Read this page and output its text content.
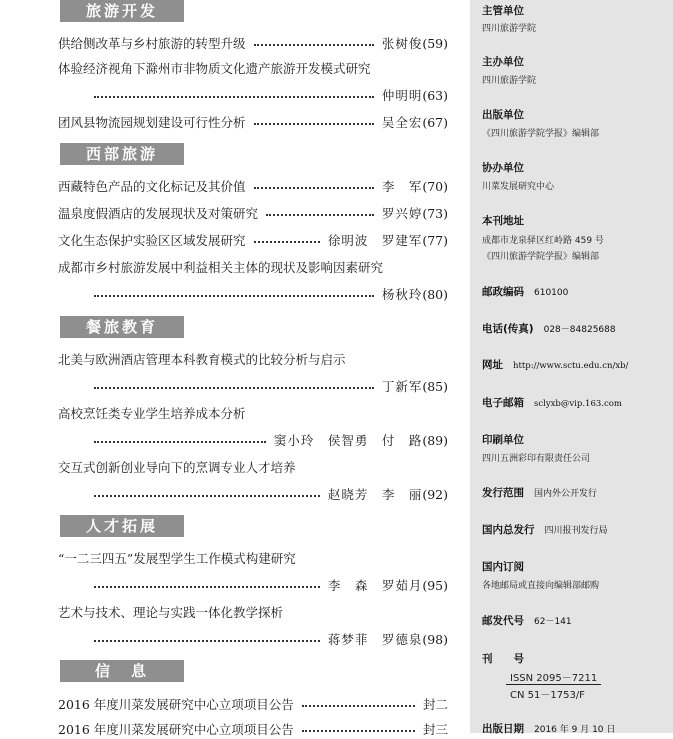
旅游开发
供给侧改革与乡村旅游的转型升级	张树俊 (59)
体验经济视角下滁州市非物质文化遗产旅游开发模式研究
仲明明 (63)
团风县物流园规划建设可行性分析	吴全宏 (67)
西部旅游
西藏特色产品的文化标记及其价值	李　军 (70)
温泉度假酒店的发展现状及对策研究	罗兴婷 (73)
文化生态保护实验区区域发展研究	徐明波　罗建军 (77)
成都市乡村旅游发展中利益相关主体的现状及影响因素研究
杨秋玲 (80)
餐旅教育
北美与欧洲酒店管理本科教育模式的比较分析与启示
丁新军 (85)
高校烹饪类专业学生培养成本分析
窦小玲　侯智勇　付　路 (89)
交互式创新创业导向下的烹调专业人才培养
赵晓芳　李　丽 (92)
人才拓展
“一二三四五”发展型学生工作模式构建研究
李　森　罗茹月 (95)
艺术与技术、理论与实践一体化教学探析
蒋梦菲　罗德泉 (98)
信　息
2016 年度川菜发展研究中心立项项目公告	封二
2016 年度川菜发展研究中心立项项目公告	封三
主管单位
四川旅游学院
主办单位
四川旅游学院
出版单位
《四川旅游学院学报》编辑部
协办单位
川菜发展研究中心
本刊地址
成都市龙泉驿区红岭路 459 号
《四川旅游学院学报》编辑部
邮政编码 610100
电话(传真) 028－84825688
网址 http://www.sctu.edu.cn/xb/
电子邮箱 sclyxb@vip.163.com
印刷单位
四川五洲彩印有限责任公司
发行范围 国内外公开发行
国内总发行 四川报刊发行局
国内订阅
各地邮局或直接向编辑部邮购
邮发代号 62－141
刊　　号
ISSN 2095－7211
CN 51－1753/F
出版日期 2016 年 9 月 10 日
